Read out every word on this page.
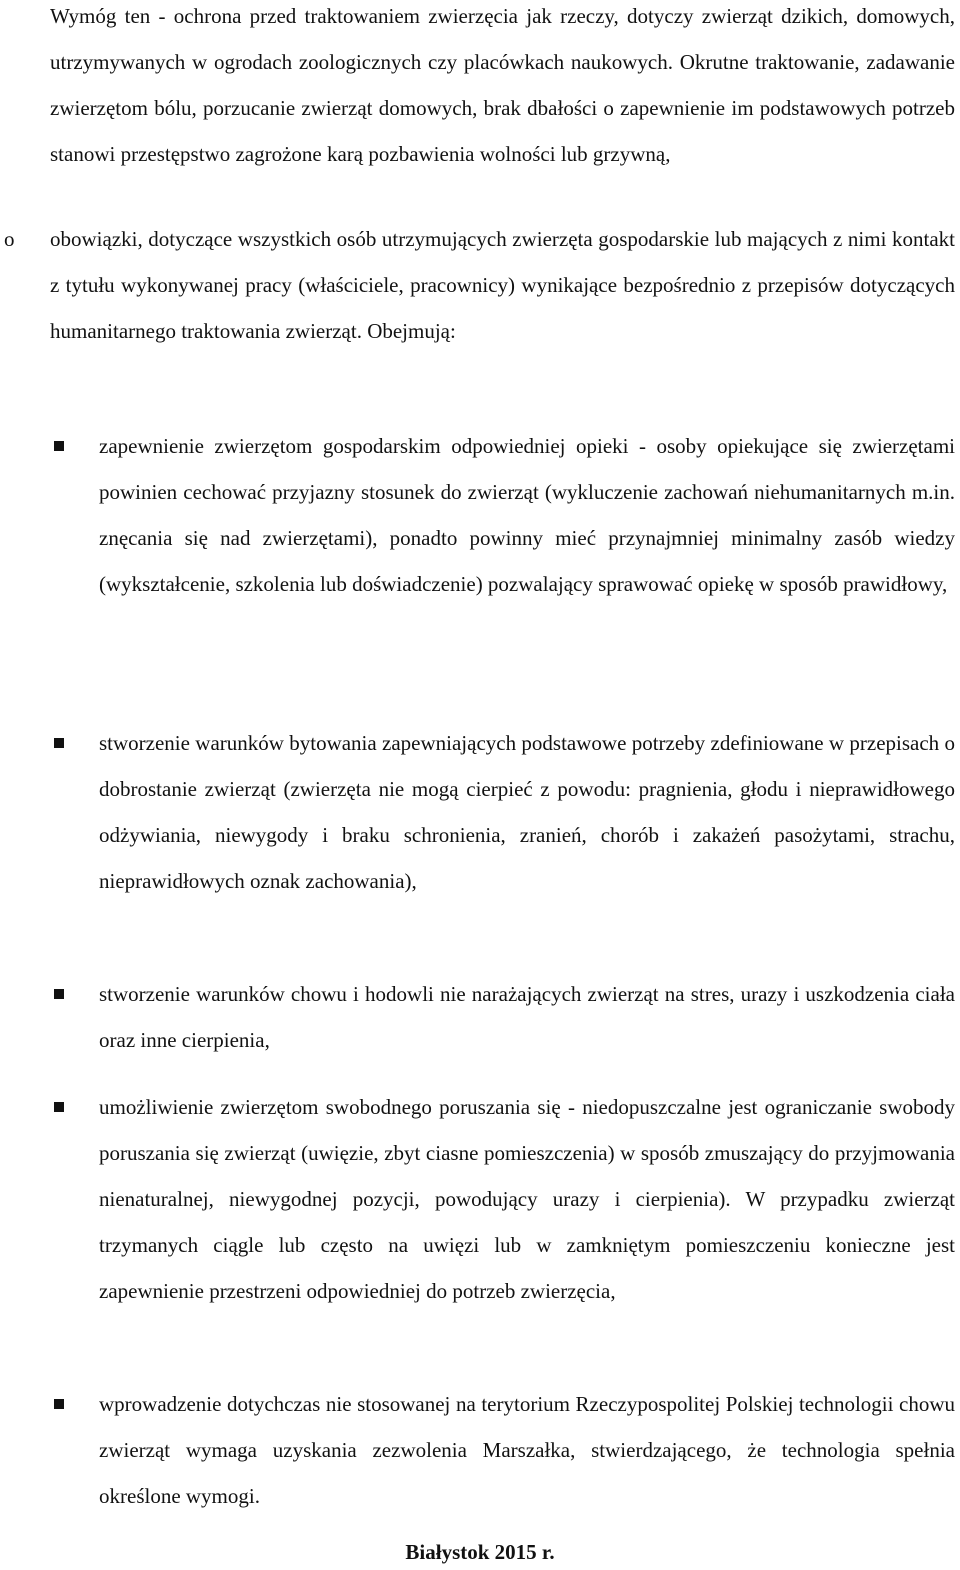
Wymóg ten - ochrona przed traktowaniem zwierzęcia jak rzeczy, dotyczy zwierząt dzikich, domowych, utrzymywanych w ogrodach zoologicznych czy placówkach naukowych. Okrutne traktowanie, zadawanie zwierzętom bólu, porzucanie zwierząt domowych, brak dbałości o zapewnienie im podstawowych potrzeb stanowi przestępstwo zagrożone karą pozbawienia wolności lub grzywną,

o	obowiązki, dotyczące wszystkich osób utrzymujących zwierzęta gospodarskie lub mających z nimi kontakt z tytułu wykonywanej pracy (właściciele, pracownicy) wynikające bezpośrednio z przepisów dotyczących humanitarnego traktowania zwierząt. Obejmują:

zapewnienie zwierzętom gospodarskim odpowiedniej opieki - osoby opiekujące się zwierzętami powinien cechować przyjazny stosunek do zwierząt (wykluczenie zachowań niehumanitarnych m.in. znęcania się nad zwierzętami), ponadto powinny mieć przynajmniej minimalny zasób wiedzy (wykształcenie, szkolenia lub doświadczenie) pozwalający sprawować opiekę w sposób prawidłowy,

stworzenie warunków bytowania zapewniających podstawowe potrzeby zdefiniowane w przepisach o dobrostanie zwierząt (zwierzęta nie mogą cierpieć z powodu: pragnienia, głodu i nieprawidłowego odżywiania, niewygody i braku schronienia, zranień, chorób i zakażeń pasożytami, strachu, nieprawidłowych oznak zachowania),

stworzenie warunków chowu i hodowli nie narażających zwierząt na stres, urazy i uszkodzenia ciała oraz inne cierpienia,

umożliwienie zwierzętom swobodnego poruszania się - niedopuszczalne jest ograniczanie swobody poruszania się zwierząt (uwięzie, zbyt ciasne pomieszczenia) w sposób zmuszający do przyjmowania nienaturalnej, niewygodnej pozycji, powodujący urazy i cierpienia). W przypadku zwierząt trzymanych ciągle lub często na uwięzi lub w zamkniętym pomieszczeniu konieczne jest zapewnienie przestrzeni odpowiedniej do potrzeb zwierzęcia,

wprowadzenie dotychczas nie stosowanej na terytorium Rzeczypospolitej Polskiej technologii chowu zwierząt wymaga uzyskania zezwolenia Marszałka, stwierdzającego, że technologia spełnia określone wymogi.

Białystok 2015 r.
